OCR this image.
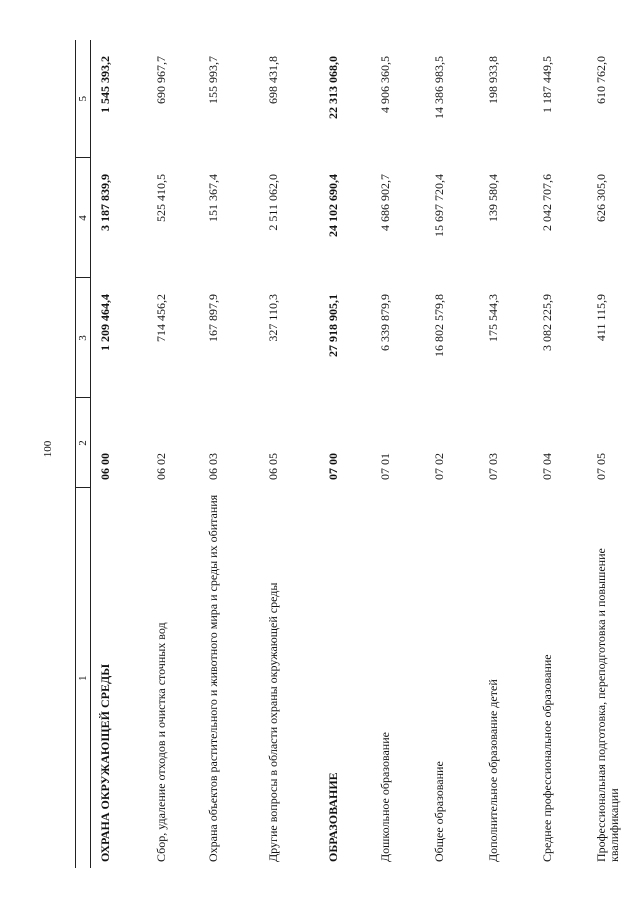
100
1	2	3	4	5
ОХРАНА ОКРУЖАЮЩЕЙ СРЕДЫ	06 00	1 209 464,4	3 187 839,9	1 545 393,2
Сбор, удаление отходов и очистка сточных вод	06 02	714 456,2	525 410,5	690 967,7
Охрана объектов растительного и животного мира и среды их обитания	06 03	167 897,9	151 367,4	155 993,7
Другие вопросы в области охраны окружающей среды	06 05	327 110,3	2 511 062,0	698 431,8
ОБРАЗОВАНИЕ	07 00	27 918 905,1	24 102 690,4	22 313 068,0
Дошкольное образование	07 01	6 339 879,9	4 686 902,7	4 906 360,5
Общее образование	07 02	16 802 579,8	15 697 720,4	14 386 983,5
Дополнительное образование детей	07 03	175 544,3	139 580,4	198 933,8
Среднее профессиональное образование	07 04	3 082 225,9	2 042 707,6	1 187 449,5
Профессиональная подготовка, переподготовка и повышение квалификации	07 05	411 115,9	626 305,0	610 762,0
